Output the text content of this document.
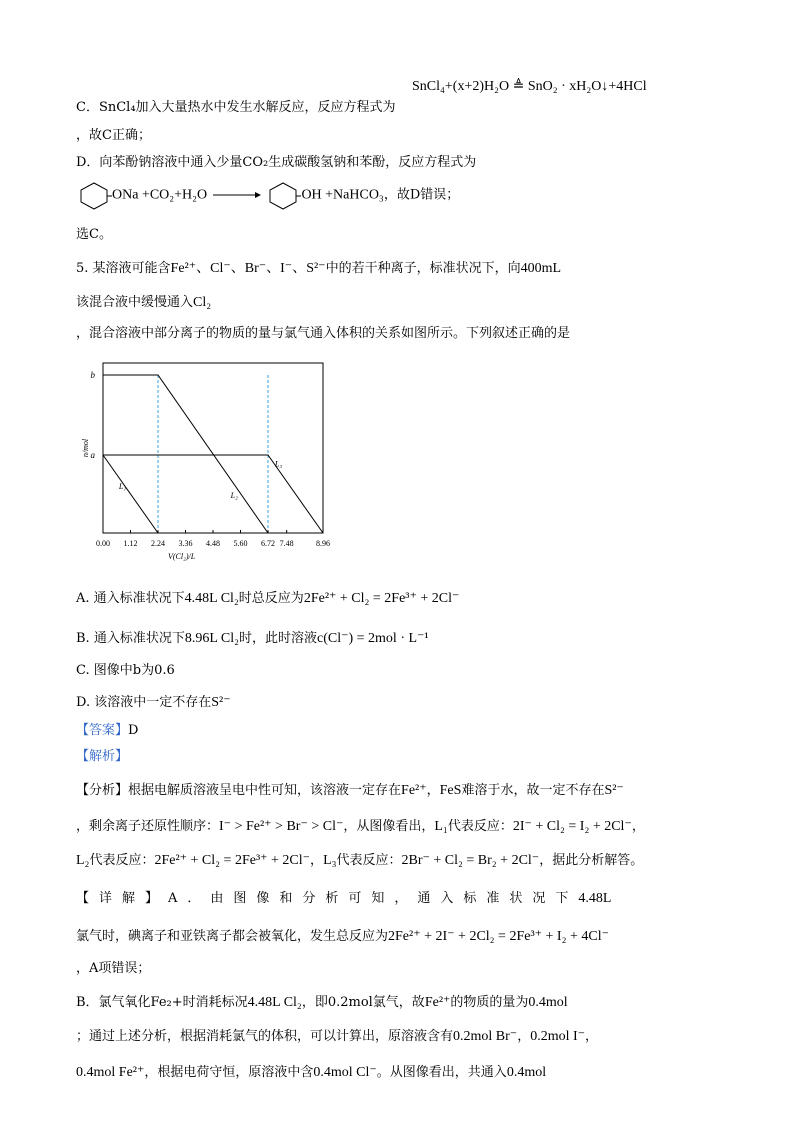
SnCl₄+(x+2)H₂O ≜ SnO₂ · xH₂O↓+4HCl
C．SnCl₄加入大量热水中发生水解反应，反应方程式为
，故C正确；
D．向苯酚钠溶液中通入少量CO₂生成碳酸氢钠和苯酚，反应方程式为
ONa +CO₂+H₂O →	OH +NaHCO₃，故D错误；
选C。
5. 某溶液可能含Fe²⁺、Cl⁻、Br⁻、I⁻、S²⁻中的若干种离子，标准状况下，向400mL
该混合液中缓慢通入Cl₂
，混合溶液中部分离子的物质的量与氯气通入体积的关系如图所示。下列叙述正确的是
L₁
L₂
L₃
0.00 1.12 2.24 3.36 4.48 5.60 6.72 7.48	8.96
a
b
V(Cl₂)/L
n/mol
A. 通入标准状况下4.48L Cl₂时总反应为2Fe²⁺ + Cl₂ = 2Fe³⁺ + 2Cl⁻
B. 通入标准状况下8.96L Cl₂时，此时溶液c(Cl⁻) = 2mol · L⁻¹
C. 图像中b为0.6
D. 该溶液中一定不存在S²⁻
【答案】D
【解析】
【分析】根据电解质溶液呈电中性可知，该溶液一定存在Fe²⁺，FeS难溶于水，故一定不存在S²⁻
，剩余离子还原性顺序：I⁻ > Fe²⁺ > Br⁻ > Cl⁻，从图像看出，L₁代表反应：2I⁻ + Cl₂ = I₂ + 2Cl⁻，
L₂代表反应：2Fe²⁺ + Cl₂ = 2Fe³⁺ + 2Cl⁻，L₃代表反应：2Br⁻ + Cl₂ = Br₂ + 2Cl⁻，据此分析解答。
【详解】A．由图像和分析可知，通入标准状况下4.48L
氯气时，碘离子和亚铁离子都会被氧化，发生总反应为2Fe²⁺ + 2I⁻ + 2Cl₂ = 2Fe³⁺ + I₂ + 4Cl⁻
，A项错误；
B．氯气氧化Fe₂+时消耗标况4.48L Cl₂，即0.2mol氯气，故Fe²⁺的物质的量为0.4mol
；通过上述分析，根据消耗氯气的体积，可以计算出，原溶液含有0.2mol Br⁻，0.2mol I⁻，
0.4mol Fe²⁺，根据电荷守恒，原溶液中含0.4mol Cl⁻。从图像看出，共通入0.4mol
